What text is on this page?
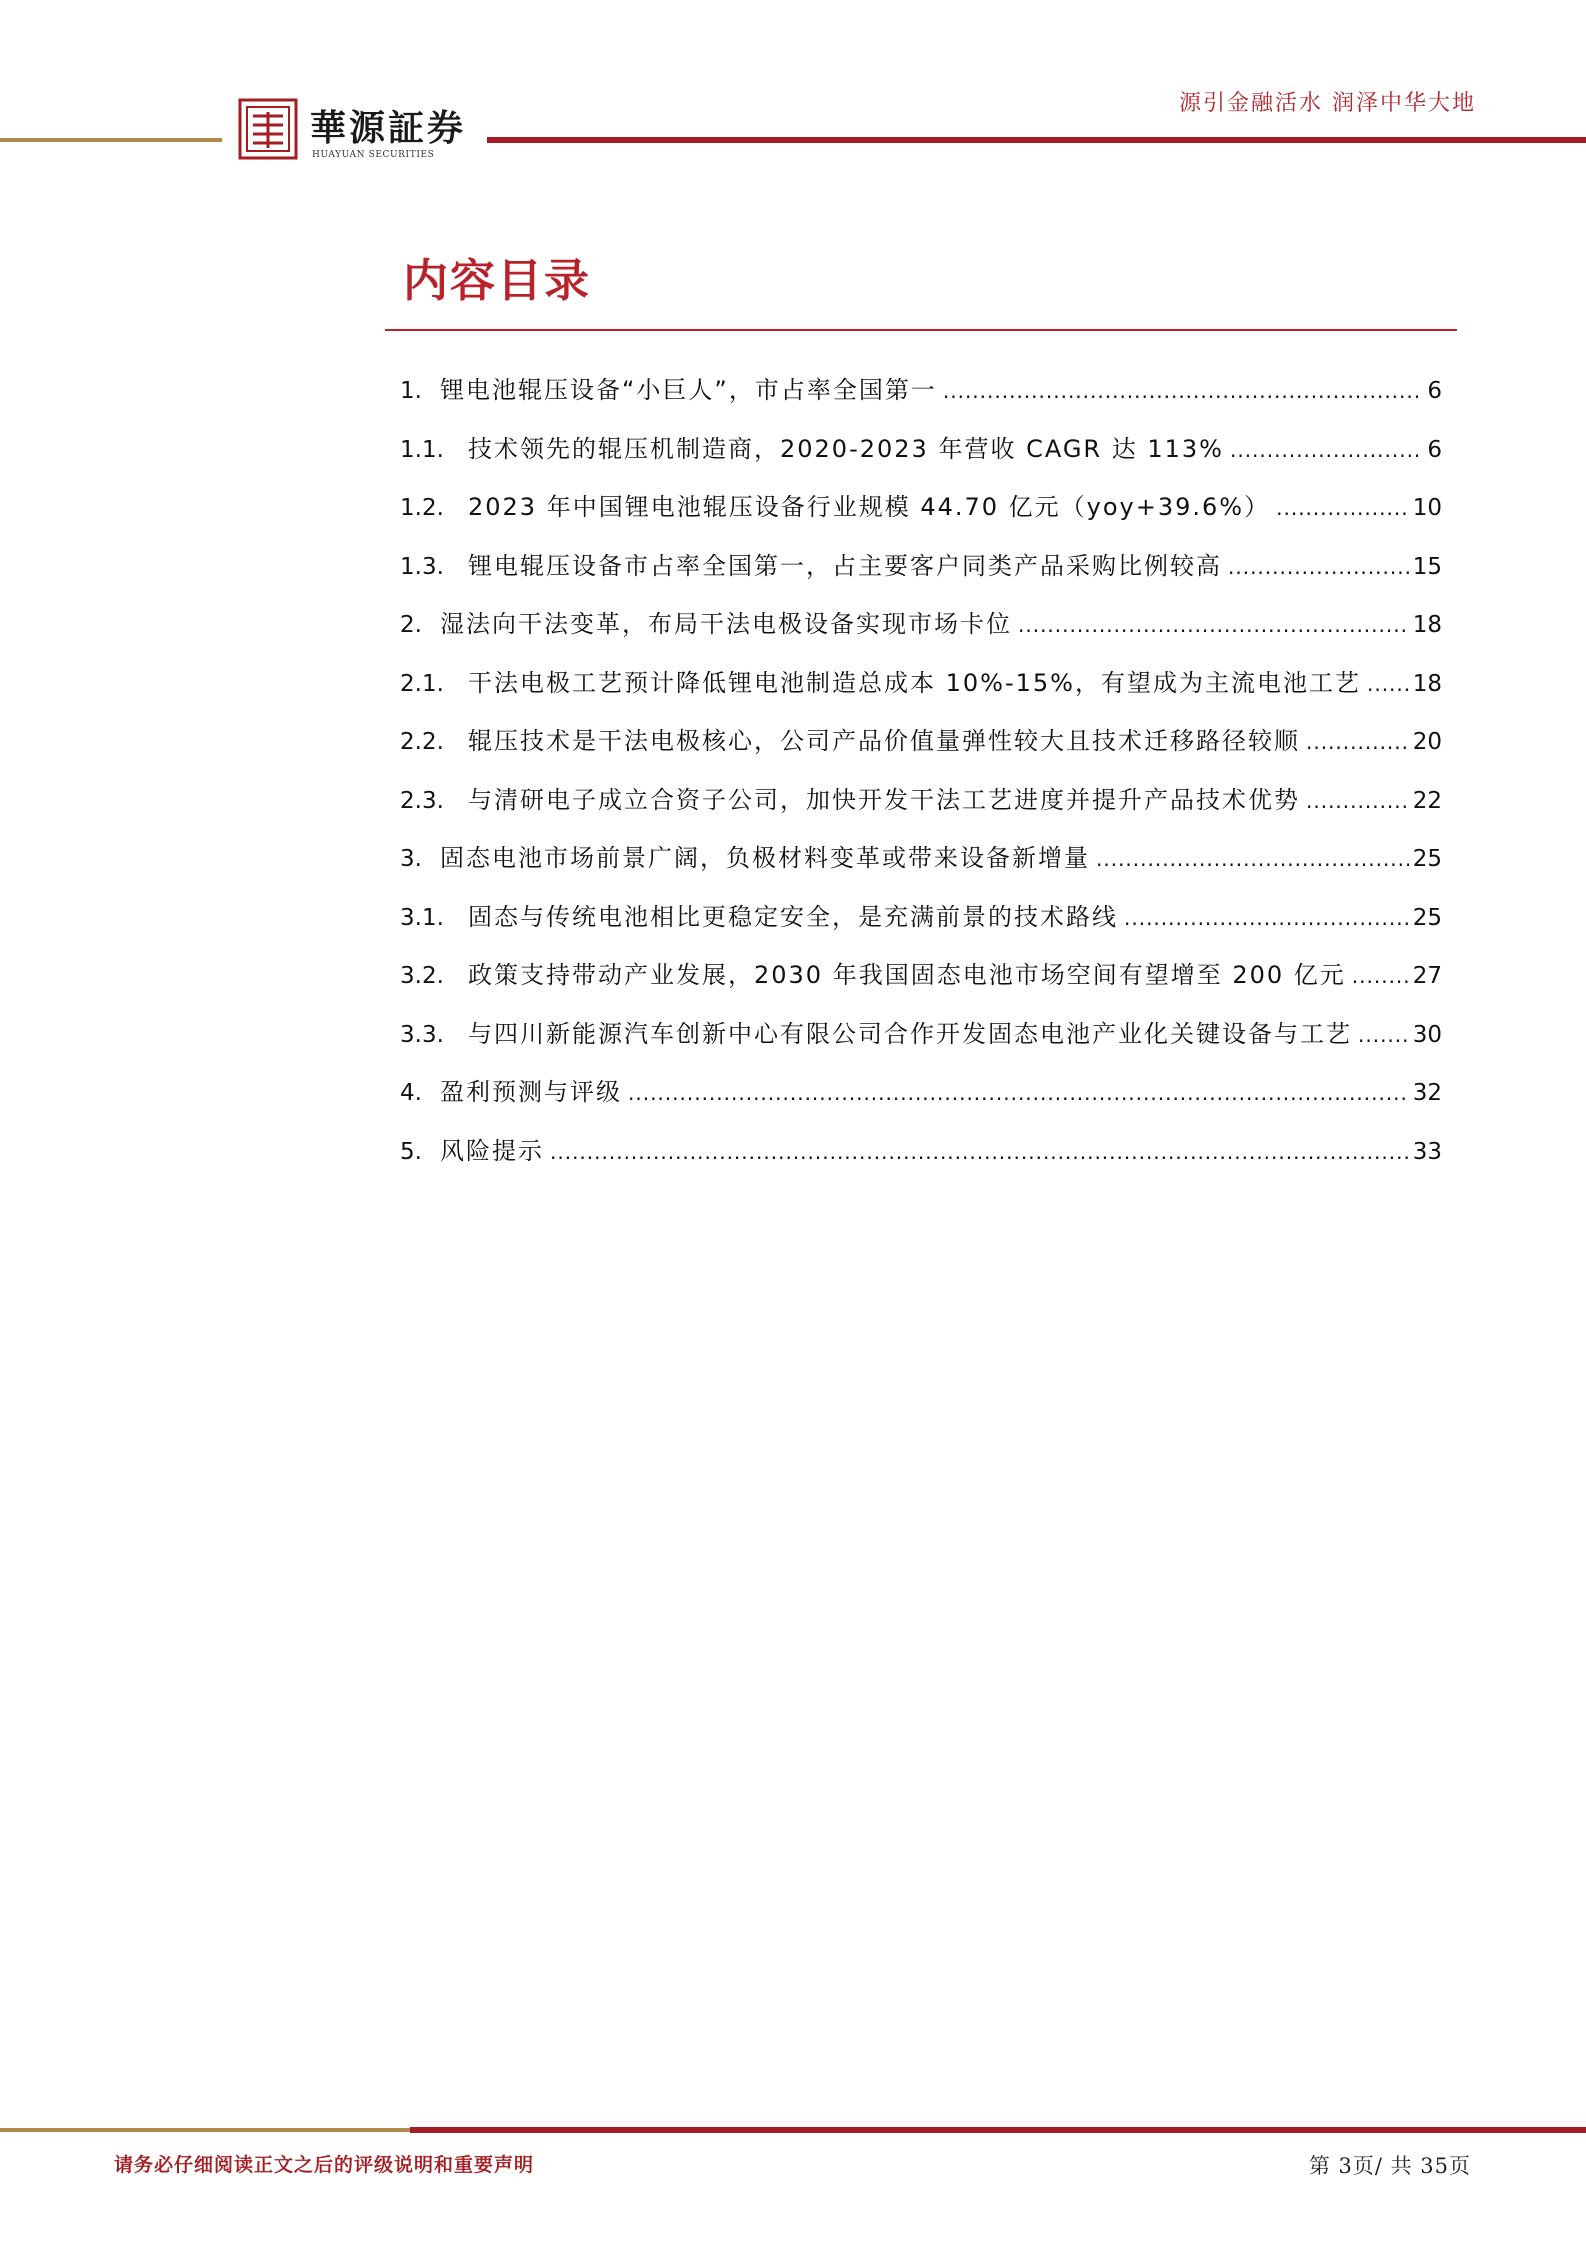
華源証券
HUAYUAN SECURITIES
源引金融活水 润泽中华大地
内容目录
1. 锂电池辊压设备“小巨人”，市占率全国第一 .....	6
1.1.	技术领先的辊压机制造商，2020-2023 年营收 CAGR 达 113% .....	6
1.2.	2023 年中国锂电池辊压设备行业规模 44.70 亿元（yoy+39.6%） .....	10
1.3.	锂电辊压设备市占率全国第一，占主要客户同类产品采购比例较高 .....	15
2. 湿法向干法变革，布局干法电极设备实现市场卡位 .....	18
2.1.	干法电极工艺预计降低锂电池制造总成本 10%-15%，有望成为主流电池工艺 ..... 18
2.2.	辊压技术是干法电极核心，公司产品价值量弹性较大且技术迁移路径较顺 .....	20
2.3.	与清研电子成立合资子公司，加快开发干法工艺进度并提升产品技术优势 .....	22
3. 固态电池市场前景广阔，负极材料变革或带来设备新增量 .....	25
3.1.	固态与传统电池相比更稳定安全，是充满前景的技术路线 .....	25
3.2.	政策支持带动产业发展，2030 年我国固态电池市场空间有望增至 200 亿元 .....	27
3.3.	与四川新能源汽车创新中心有限公司合作开发固态电池产业化关键设备与工艺 .....	30
4. 盈利预测与评级 .....	32
5. 风险提示 .....	33
请务必仔细阅读正文之后的评级说明和重要声明	第 3页/ 共 35页
